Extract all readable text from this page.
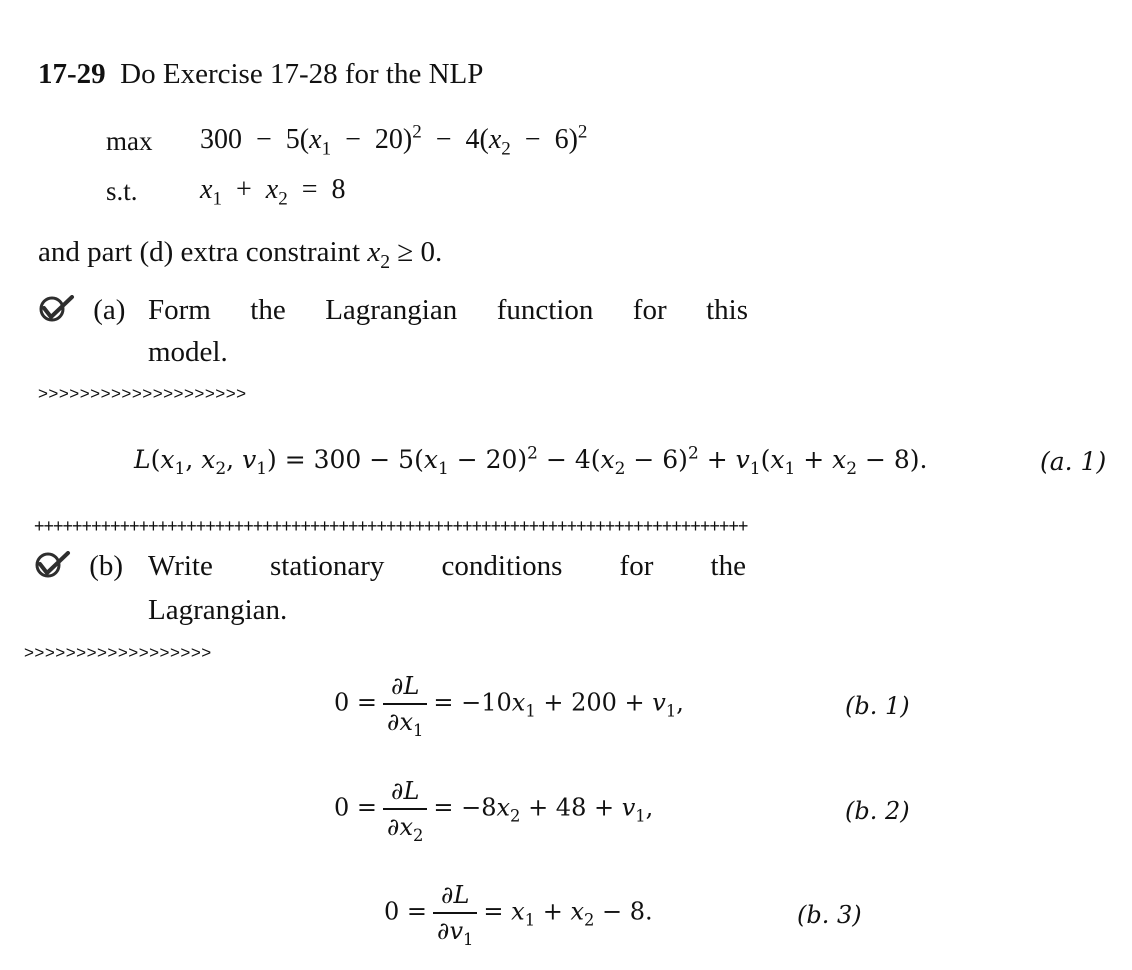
17-29 Do Exercise 17-28 for the NLP
$\max 300 - 5(x_1 - 20)^2 - 4(x_2 - 6)^2$
s.t. $x_1 + x_2 = 8$
and part (d) extra constraint $x_2 \ge 0$.
(a) Form the Lagrangian function for this
model.
>>>>>>>>>>>>>>>>>>>>
$L(x_1$, $x_2$, $v_1) = 300 - 5(x_1 - 20)^2 - 4(x_2 - 6)^2 + v_1(x_1 + x_2 - 8)$.	(a. 1)
+++++++++++++++++++++++++++++++++++++++++++++++++++++++++++++++++++++++++++
(b) Write stationary conditions for the
Lagrangian.
>>>>>>>>>>>>>>>>>>
$0 = \frac{\partial L}{\partial x_1} = -10x_1 + 200 + v_1$,	(b. 1)
$0 = \frac{\partial L}{\partial x_2} = -8x_2 + 48 + v_1$,	(b. 2)
$0 = \frac{\partial L}{\partial v_1} = x_1 + x_2 - 8$.	(b. 3)
